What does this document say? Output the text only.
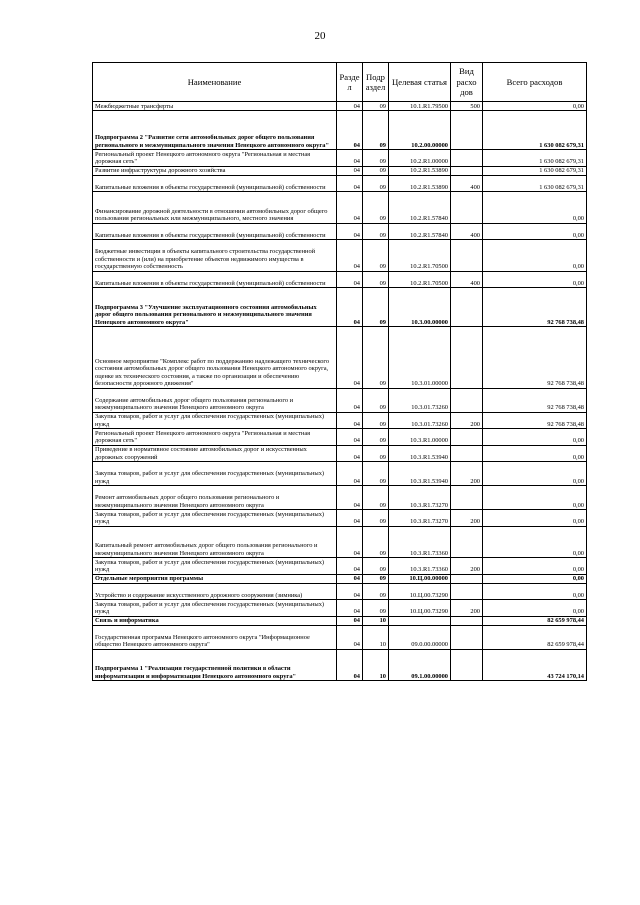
20
Наименование	Разде л	Подр аздел	Целевая статья	Вид расхо дов	Всего расходов
Межбюджетные трансферты	04	09	10.1.R1.79500	500	0,00
Подпрограмма 2 "Развитие сети автомобильных дорог общего пользования регионального и межмуниципального значения Ненецкого автономного округа"	04	09	10.2.00.00000		1 630 082 679,31
Региональный проект Ненецкого автономного округа "Региональная и местная дорожная сеть"	04	09	10.2.R1.00000		1 630 082 679,31
Развитие инфраструктуры дорожного хозяйства	04	09	10.2.R1.53890		1 630 082 679,31
Капитальные вложения в объекты государственной (муниципальной) собственности	04	09	10.2.R1.53890	400	1 630 082 679,31
Финансирование дорожной деятельности в отношении автомобильных дорог общего пользования региональных или межмуниципального, местного значения	04	09	10.2.R1.57840		0,00
Капитальные вложения в объекты государственной (муниципальной) собственности	04	09	10.2.R1.57840	400	0,00
Бюджетные инвестиции в объекты капитального строительства государственной собственности и (или) на приобретение объектов недвижимого имущества в государственную собственность	04	09	10.2.R1.70500		0,00
Капитальные вложения в объекты государственной (муниципальной) собственности	04	09	10.2.R1.70500	400	0,00
Подпрограмма 3 "Улучшение эксплуатационного состояния автомобильных дорог общего пользования регионального и межмуниципального значения Ненецкого автономного округа"	04	09	10.3.00.00000		92 768 738,48
Основное мероприятие "Комплекс работ по поддержанию надлежащего технического состояния автомобильных дорог общего пользования Ненецкого автономного округа, оценке их технического состояния, а также по организации и обеспечению безопасности дорожного движения"	04	09	10.3.01.00000		92 768 738,48
Содержание автомобильных дорог общего пользования регионального и межмуниципального значения Ненецкого автономного округа	04	09	10.3.01.73260		92 768 738,48
Закупка товаров, работ и услуг для обеспечения государственных (муниципальных) нужд	04	09	10.3.01.73260	200	92 768 738,48
Региональный проект Ненецкого автономного округа "Региональная и местная дорожная сеть"	04	09	10.3.R1.00000		0,00
Приведение в нормативное состояние автомобильных дорог и искусственных дорожных сооружений	04	09	10.3.R1.53940		0,00
Закупка товаров, работ и услуг для обеспечения государственных (муниципальных) нужд	04	09	10.3.R1.53940	200	0,00
Ремонт автомобильных дорог общего пользования регионального и межмуниципального значения Ненецкого автономного округа	04	09	10.3.R1.73270		0,00
Закупка товаров, работ и услуг для обеспечения государственных (муниципальных) нужд	04	09	10.3.R1.73270	200	0,00
Капитальный ремонт автомобильных дорог общего пользования регионального и межмуниципального значения Ненецкого автономного округа	04	09	10.3.R1.73360		0,00
Закупка товаров, работ и услуг для обеспечения государственных (муниципальных) нужд	04	09	10.3.R1.73360	200	0,00
Отдельные мероприятия программы	04	09	10.Ц.00.00000		0,00
Устройство и содержание искусственного дорожного сооружения (зимника)	04	09	10.Ц.00.73290		0,00
Закупка товаров, работ и услуг для обеспечения государственных (муниципальных) нужд	04	09	10.Ц.00.73290	200	0,00
Связь и информатика	04	10			82 659 978,44
Государственная программа Ненецкого автономного округа "Информационное общество Ненецкого автономного округа"	04	10	09.0.00.00000		82 659 978,44
Подпрограмма 1 "Реализация государственной политики в области информатизации и информатизации Ненецкого автономного округа"	04	10	09.1.00.00000		43 724 170,14
